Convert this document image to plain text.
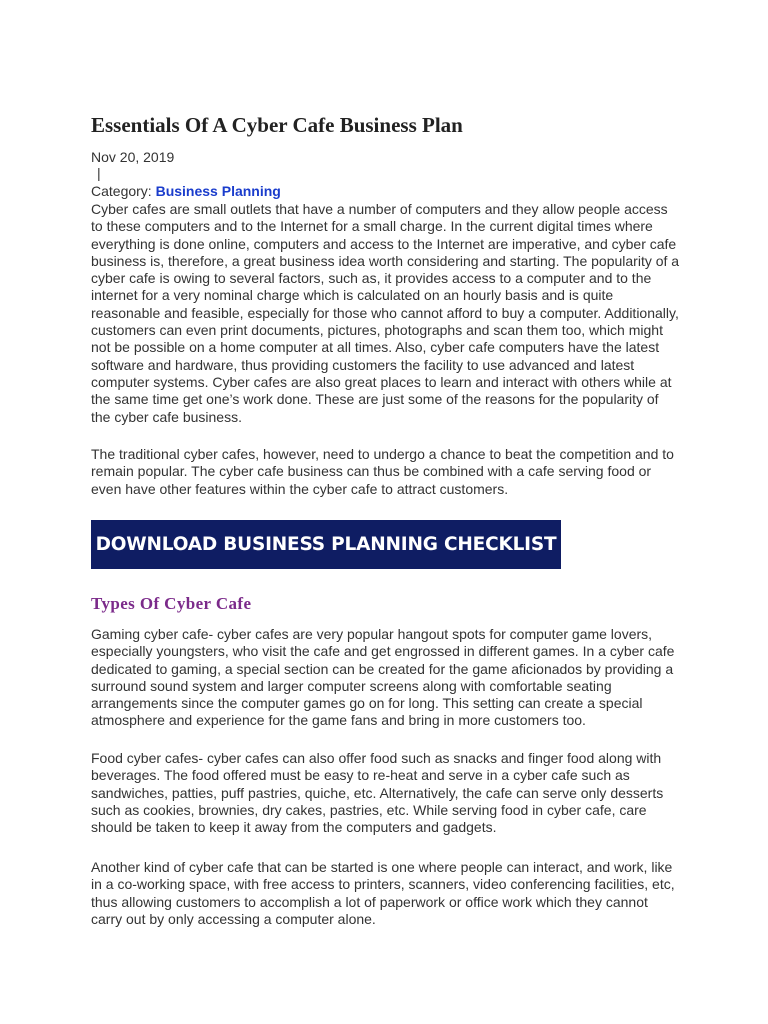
Essentials Of A Cyber Cafe Business Plan
Nov 20, 2019
|
Category: Business Planning

Cyber cafes are small outlets that have a number of computers and they allow people access to these computers and to the Internet for a small charge. In the current digital times where everything is done online, computers and access to the Internet are imperative, and cyber cafe business is, therefore, a great business idea worth considering and starting. The popularity of a cyber cafe is owing to several factors, such as, it provides access to a computer and to the internet for a very nominal charge which is calculated on an hourly basis and is quite reasonable and feasible, especially for those who cannot afford to buy a computer. Additionally, customers can even print documents, pictures, photographs and scan them too, which might not be possible on a home computer at all times. Also, cyber cafe computers have the latest software and hardware, thus providing customers the facility to use advanced and latest computer systems. Cyber cafes are also great places to learn and interact with others while at the same time get one’s work done. These are just some of the reasons for the popularity of the cyber cafe business.

The traditional cyber cafes, however, need to undergo a chance to beat the competition and to remain popular. The cyber cafe business can thus be combined with a cafe serving food or even have other features within the cyber cafe to attract customers.

DOWNLOAD BUSINESS PLANNING CHECKLIST
Types Of Cyber Cafe

Gaming cyber cafe- cyber cafes are very popular hangout spots for computer game lovers, especially youngsters, who visit the cafe and get engrossed in different games. In a cyber cafe dedicated to gaming, a special section can be created for the game aficionados by providing a surround sound system and larger computer screens along with comfortable seating arrangements since the computer games go on for long. This setting can create a special atmosphere and experience for the game fans and bring in more customers too.

Food cyber cafes- cyber cafes can also offer food such as snacks and finger food along with beverages. The food offered must be easy to re-heat and serve in a cyber cafe such as sandwiches, patties, puff pastries, quiche, etc. Alternatively, the cafe can serve only desserts such as cookies, brownies, dry cakes, pastries, etc. While serving food in cyber cafe, care should be taken to keep it away from the computers and gadgets.

Another kind of cyber cafe that can be started is one where people can interact, and work, like in a co-working space, with free access to printers, scanners, video conferencing facilities, etc, thus allowing customers to accomplish a lot of paperwork or office work which they cannot carry out by only accessing a computer alone.
